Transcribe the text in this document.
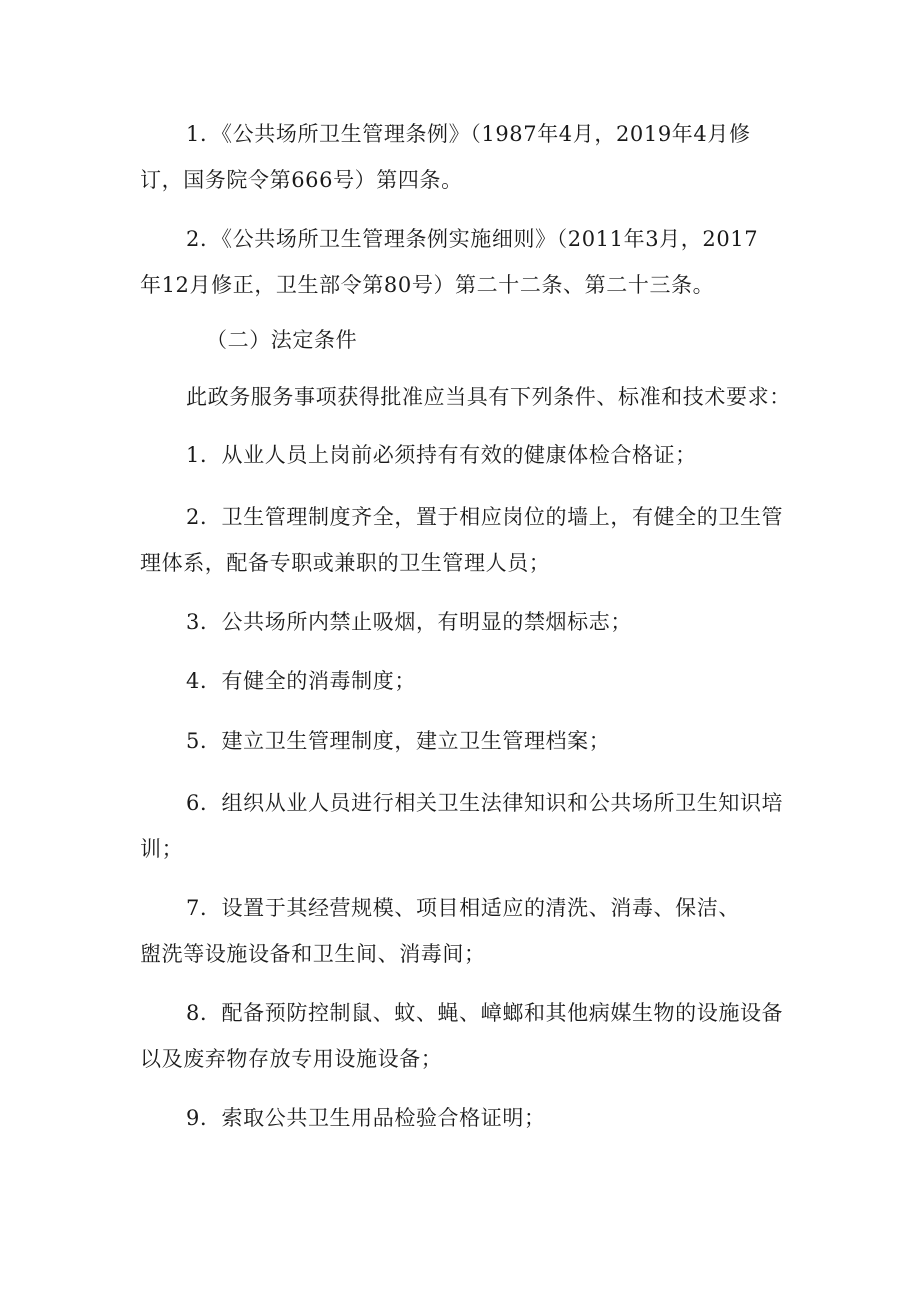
1．《公共场所卫生管理条例》（1987年4月，2019年4月修
订，国务院令第666号）第四条。
2．《公共场所卫生管理条例实施细则》（2011年3月，2017
年12月修正，卫生部令第80号）第二十二条、第二十三条。
（二）法定条件
此政务服务事项获得批准应当具有下列条件、标准和技术要求：
1．从业人员上岗前必须持有有效的健康体检合格证；
2．卫生管理制度齐全，置于相应岗位的墙上，有健全的卫生管
理体系，配备专职或兼职的卫生管理人员；
3．公共场所内禁止吸烟，有明显的禁烟标志；
4．有健全的消毒制度；
5．建立卫生管理制度，建立卫生管理档案；
6．组织从业人员进行相关卫生法律知识和公共场所卫生知识培
训；
7．设置于其经营规模、项目相适应的清洗、消毒、保洁、
盥洗等设施设备和卫生间、消毒间；
8．配备预防控制鼠、蚊、蝇、嶂螂和其他病媒生物的设施设备
以及废弃物存放专用设施设备；
9．索取公共卫生用品检验合格证明；
